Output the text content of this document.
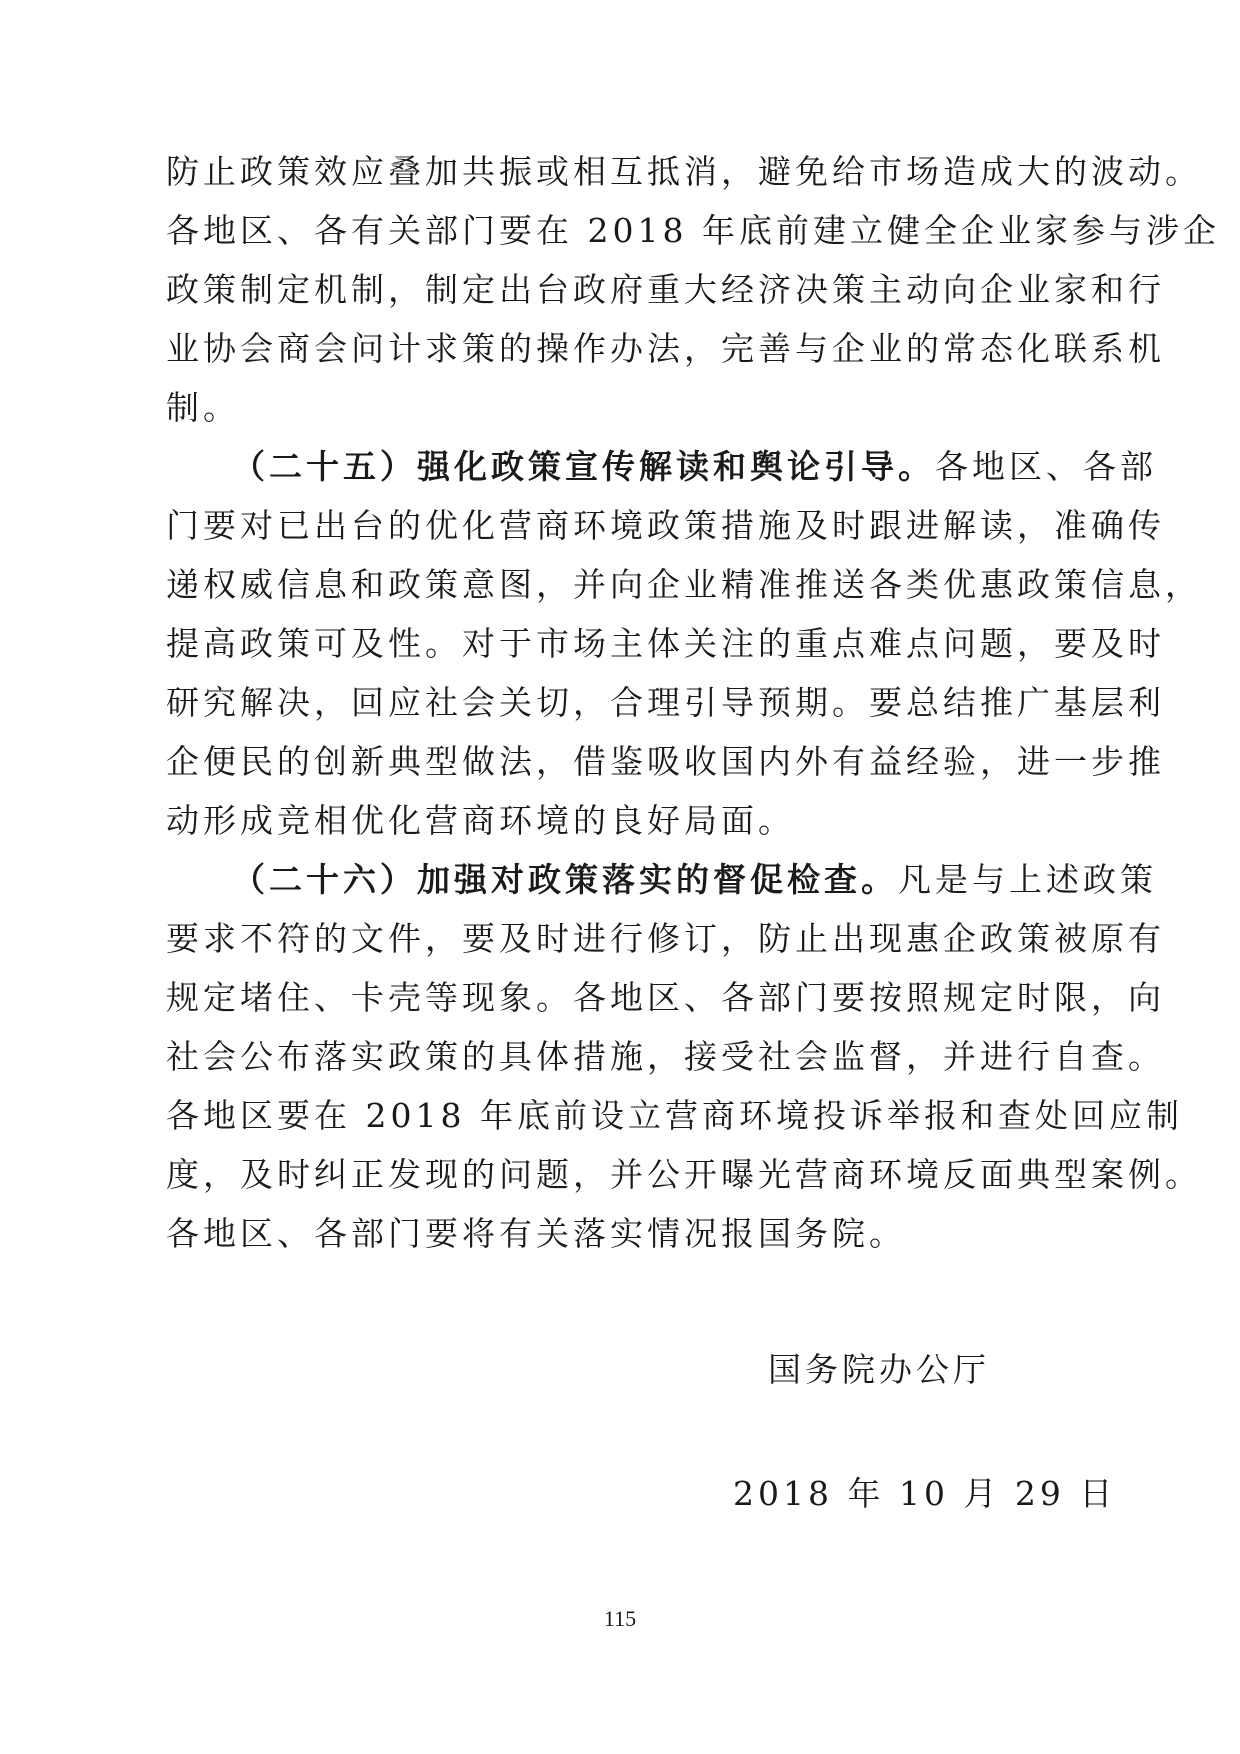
防止政策效应叠加共振或相互抵消，避免给市场造成大的波动。
各地区、各有关部门要在 2018 年底前建立健全企业家参与涉企
政策制定机制，制定出台政府重大经济决策主动向企业家和行
业协会商会问计求策的操作办法，完善与企业的常态化联系机
制。
（二十五）强化政策宣传解读和舆论引导。各地区、各部
门要对已出台的优化营商环境政策措施及时跟进解读，准确传
递权威信息和政策意图，并向企业精准推送各类优惠政策信息，
提高政策可及性。对于市场主体关注的重点难点问题，要及时
研究解决，回应社会关切，合理引导预期。要总结推广基层利
企便民的创新典型做法，借鉴吸收国内外有益经验，进一步推
动形成竞相优化营商环境的良好局面。
（二十六）加强对政策落实的督促检查。凡是与上述政策
要求不符的文件，要及时进行修订，防止出现惠企政策被原有
规定堵住、卡壳等现象。各地区、各部门要按照规定时限，向
社会公布落实政策的具体措施，接受社会监督，并进行自查。
各地区要在 2018 年底前设立营商环境投诉举报和查处回应制
度，及时纠正发现的问题，并公开曝光营商环境反面典型案例。
各地区、各部门要将有关落实情况报国务院。
国务院办公厅
2018 年 10 月 29 日
115
